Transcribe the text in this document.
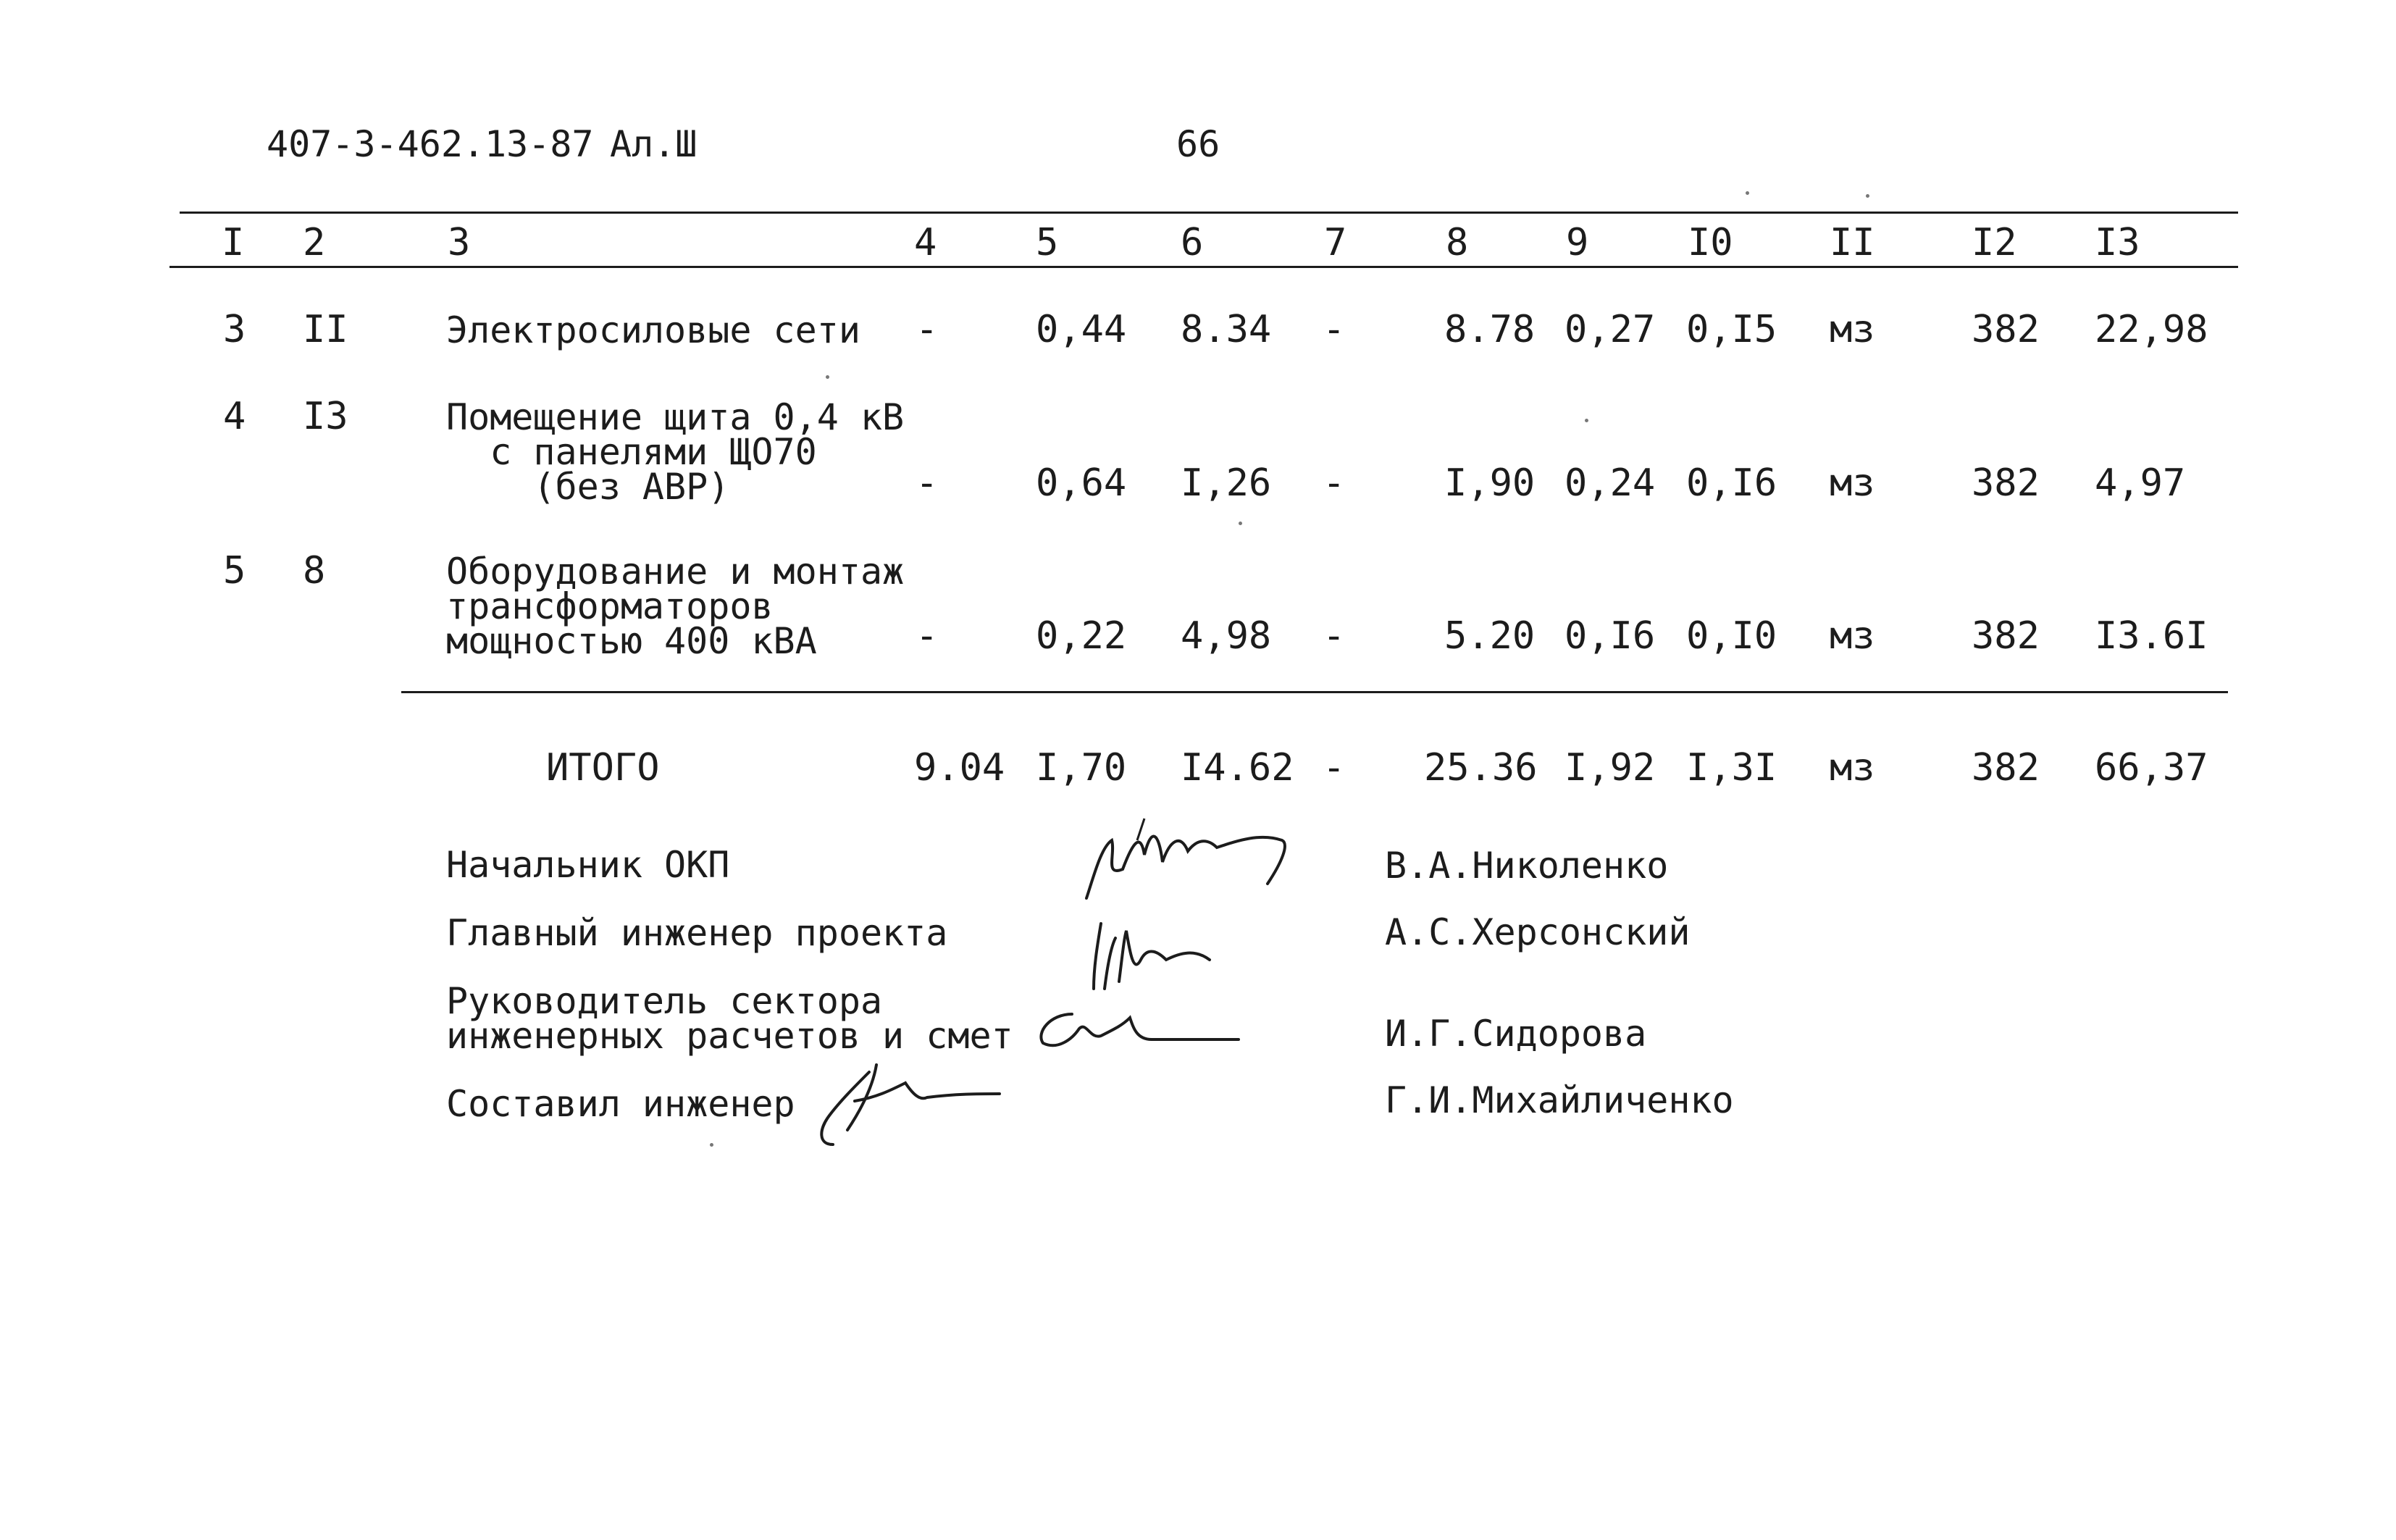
407-3-462.13-87 Ал.Ш	66
I 2	3	4	5	6	7	8	9	I0	II	I2 I3
3 II	Электросиловые сети -	0,44 8.34 -	8.78 0,27 0,I5 мз	382 22,98
4 I3	Помещение щита 0,4 кВ
с панелями ЩО70
(без АВР)	-	0,64 I,26 -	I,90 0,24 0,I6 мз	382 4,97
5 8	Оборудование и монтаж
трансформаторов
мощностью 400 кВА	-	0,22 4,98 -	5.20 0,I6 0,I0 мз	382 I3.6I
ИТОГО	9.04 I,70 I4.62 - 25.36 I,92 I,3I мз	382 66,37
Начальник ОКП	В.А.Николенко
Главный инженер проекта	А.С.Херсонский
Руководитель сектора
инженерных расчетов и смет	И.Г.Сидорова
Составил инженер	Г.И.Михайличенко
